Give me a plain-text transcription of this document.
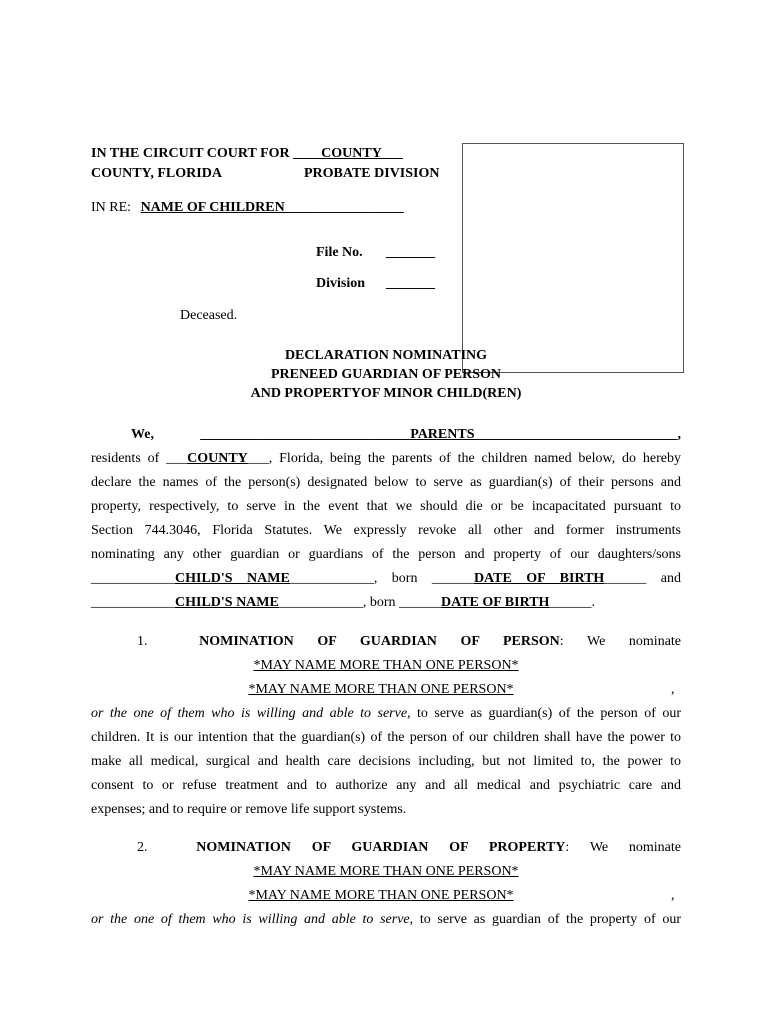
IN THE CIRCUIT COURT FOR ____COUNTY___
COUNTY, FLORIDA	PROBATE DIVISION
IN RE: NAME OF CHILDREN_________________
File No. _______
Division _______
Deceased.
DECLARATION NOMINATING
PRENEED GUARDIAN OF PERSON
AND PROPERTYOF MINOR CHILD(REN)
We,	______________________________PARENTS_____________________________,
residents of ___COUNTY___, Florida, being the parents of the children named below, do hereby
declare the names of the person(s) designated below to serve as guardian(s) of their persons and
property, respectively, to serve in the event that we should die or be incapacitated pursuant to
Section 744.3046, Florida Statutes. We expressly revoke all other and former instruments
nominating any other guardian or guardians of the person and property of our daughters/sons
____________CHILD'S NAME____________, born ______DATE OF BIRTH______ and
____________CHILD'S NAME____________, born ______DATE OF BIRTH______.
1.	NOMINATION OF GUARDIAN OF PERSON: We nominate
*MAY NAME MORE THAN ONE PERSON*
*MAY NAME MORE THAN ONE PERSON*	,
or the one of them who is willing and able to serve, to serve as guardian(s) of the person of our
children. It is our intention that the guardian(s) of the person of our children shall have the power to
make all medical, surgical and health care decisions including, but not limited to, the power to
consent to or refuse treatment and to authorize any and all medical and psychiatric care and
expenses; and to require or remove life support systems.
2.	NOMINATION OF GUARDIAN OF PROPERTY: We nominate
*MAY NAME MORE THAN ONE PERSON*
*MAY NAME MORE THAN ONE PERSON*	,
or the one of them who is willing and able to serve, to serve as guardian of the property of our
